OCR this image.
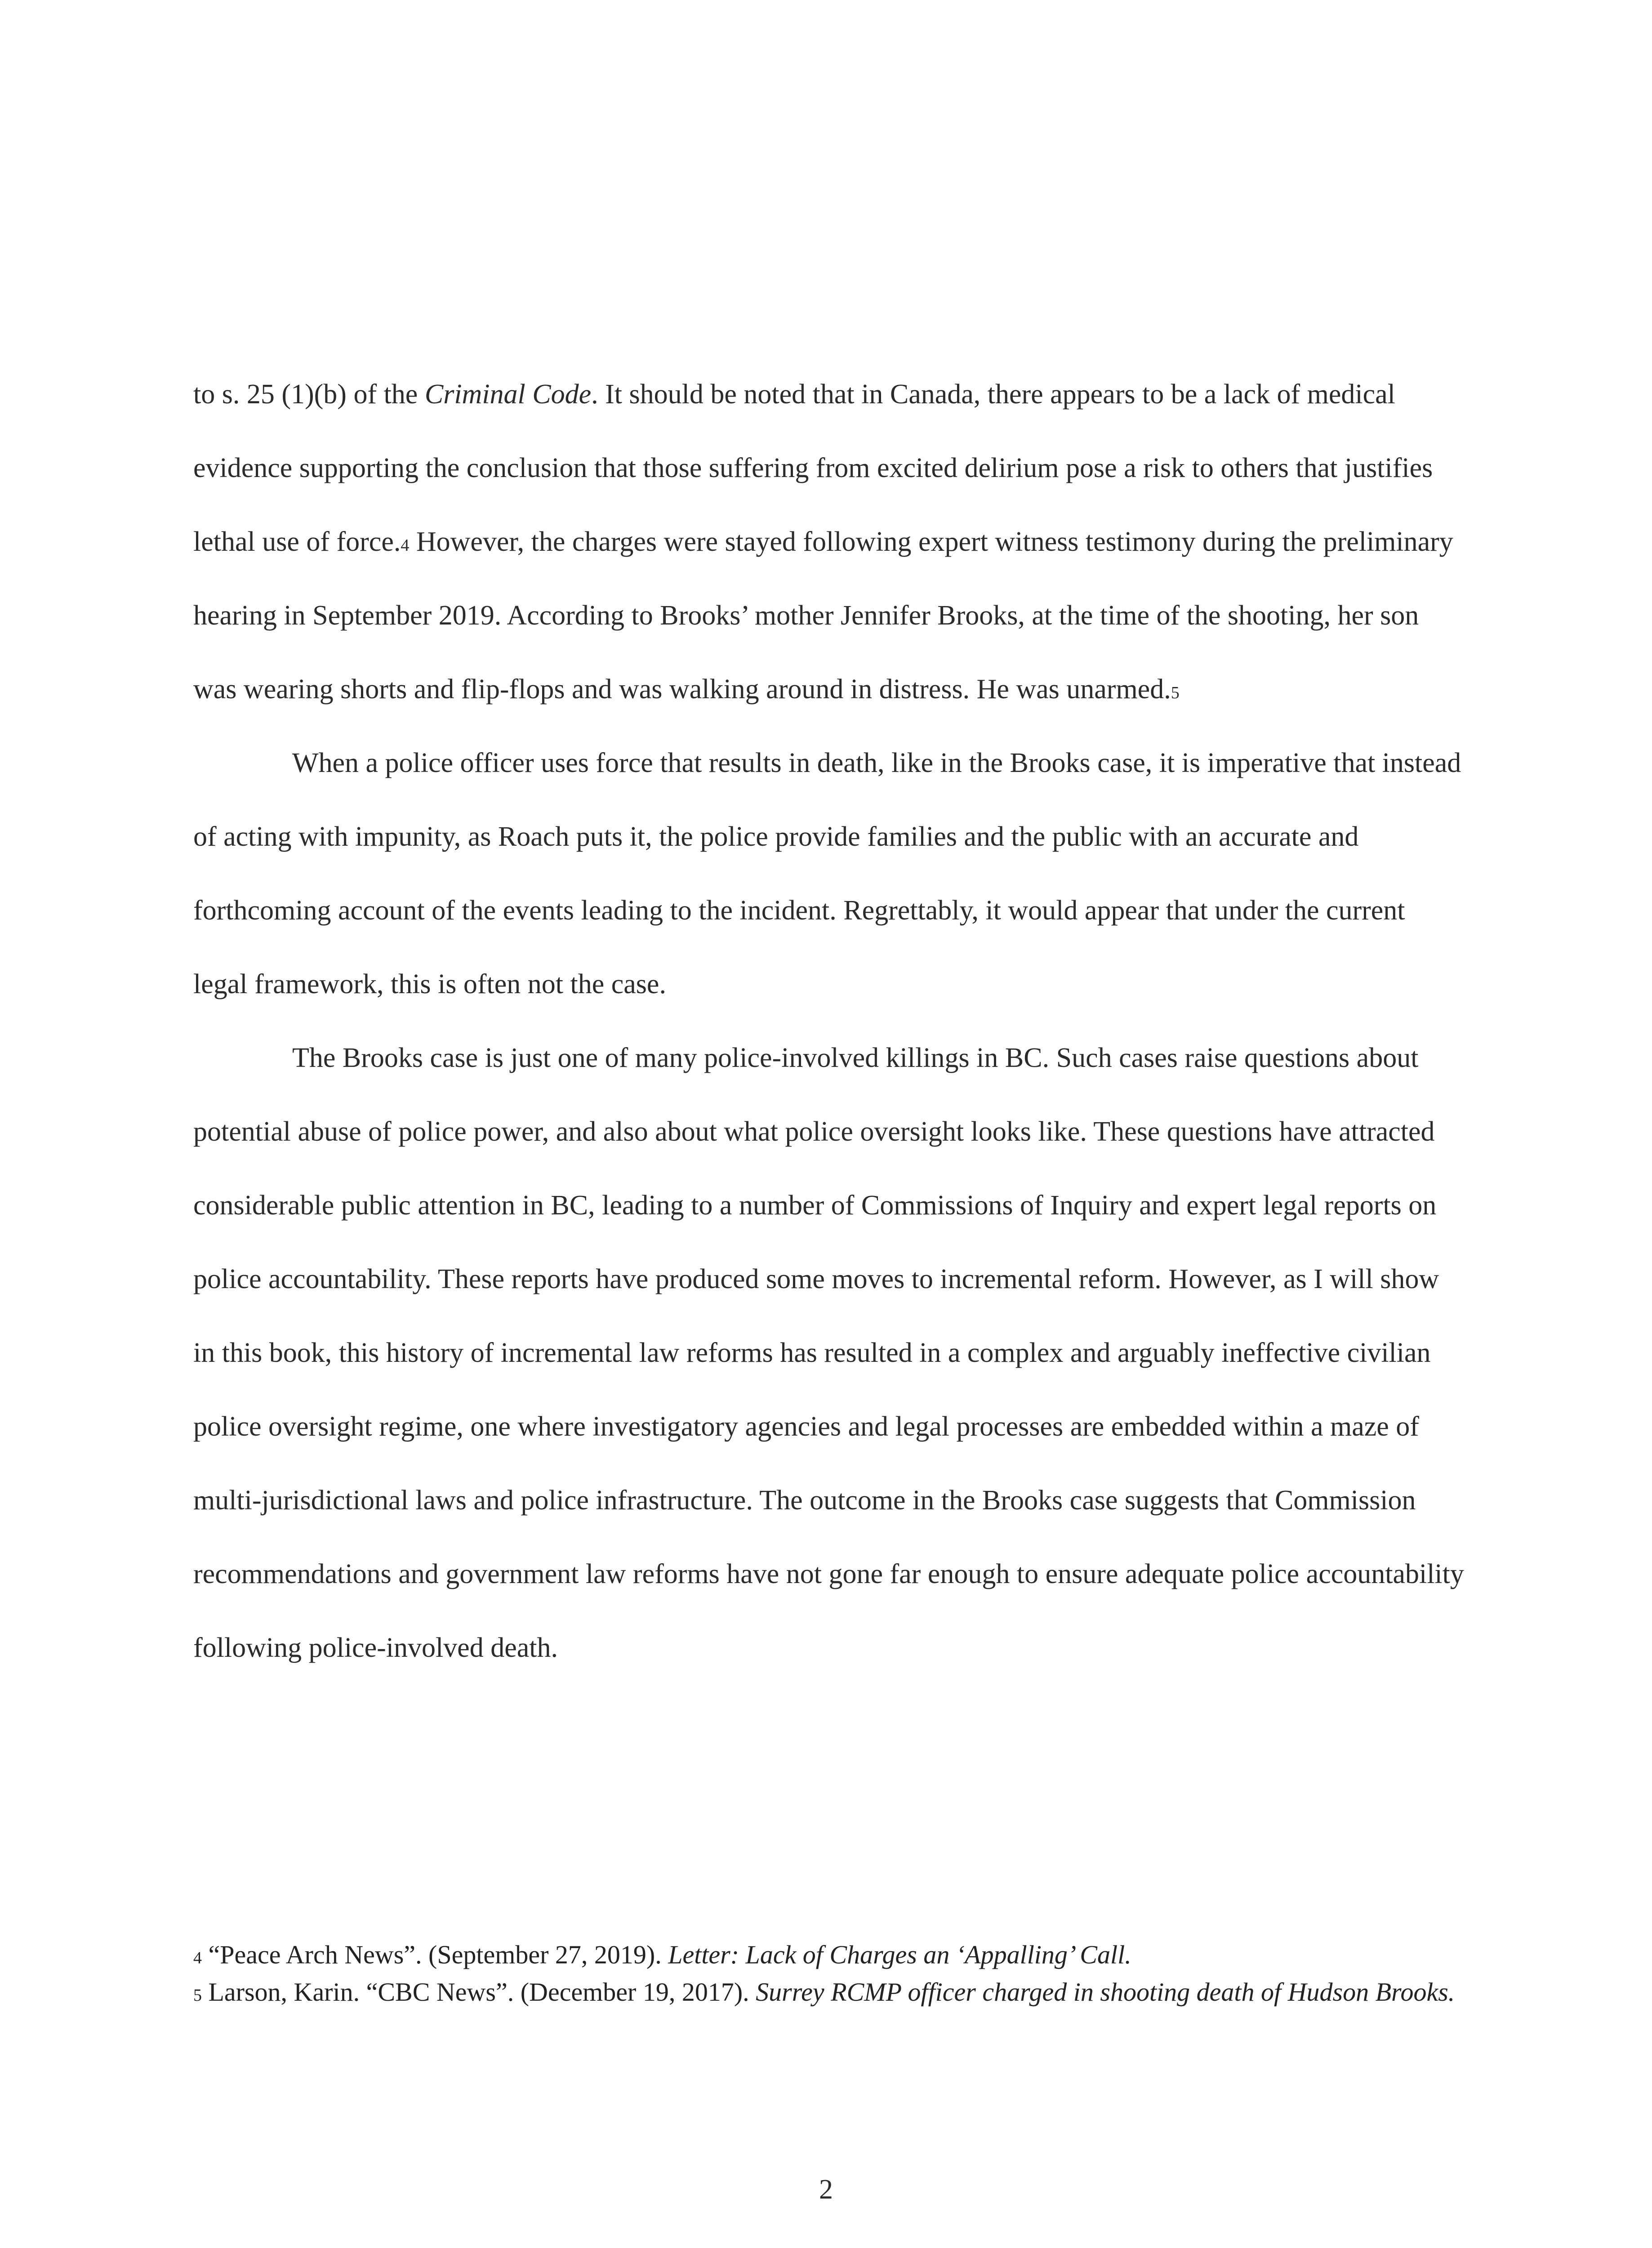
to s. 25 (1)(b) of the Criminal Code. It should be noted that in Canada, there appears to be a lack of medical evidence supporting the conclusion that those suffering from excited delirium pose a risk to others that justifies lethal use of force.4 However, the charges were stayed following expert witness testimony during the preliminary hearing in September 2019. According to Brooks’ mother Jennifer Brooks, at the time of the shooting, her son was wearing shorts and flip-flops and was walking around in distress. He was unarmed.5

When a police officer uses force that results in death, like in the Brooks case, it is imperative that instead of acting with impunity, as Roach puts it, the police provide families and the public with an accurate and forthcoming account of the events leading to the incident. Regrettably, it would appear that under the current legal framework, this is often not the case.

The Brooks case is just one of many police-involved killings in BC. Such cases raise questions about potential abuse of police power, and also about what police oversight looks like. These questions have attracted considerable public attention in BC, leading to a number of Commissions of Inquiry and expert legal reports on police accountability. These reports have produced some moves to incremental reform. However, as I will show in this book, this history of incremental law reforms has resulted in a complex and arguably ineffective civilian police oversight regime, one where investigatory agencies and legal processes are embedded within a maze of multi-jurisdictional laws and police infrastructure. The outcome in the Brooks case suggests that Commission recommendations and government law reforms have not gone far enough to ensure adequate police accountability following police-involved death.

4 “Peace Arch News”. (September 27, 2019). Letter: Lack of Charges an ‘Appalling’ Call.

5 Larson, Karin. “CBC News”. (December 19, 2017). Surrey RCMP officer charged in shooting death of Hudson Brooks.

2
